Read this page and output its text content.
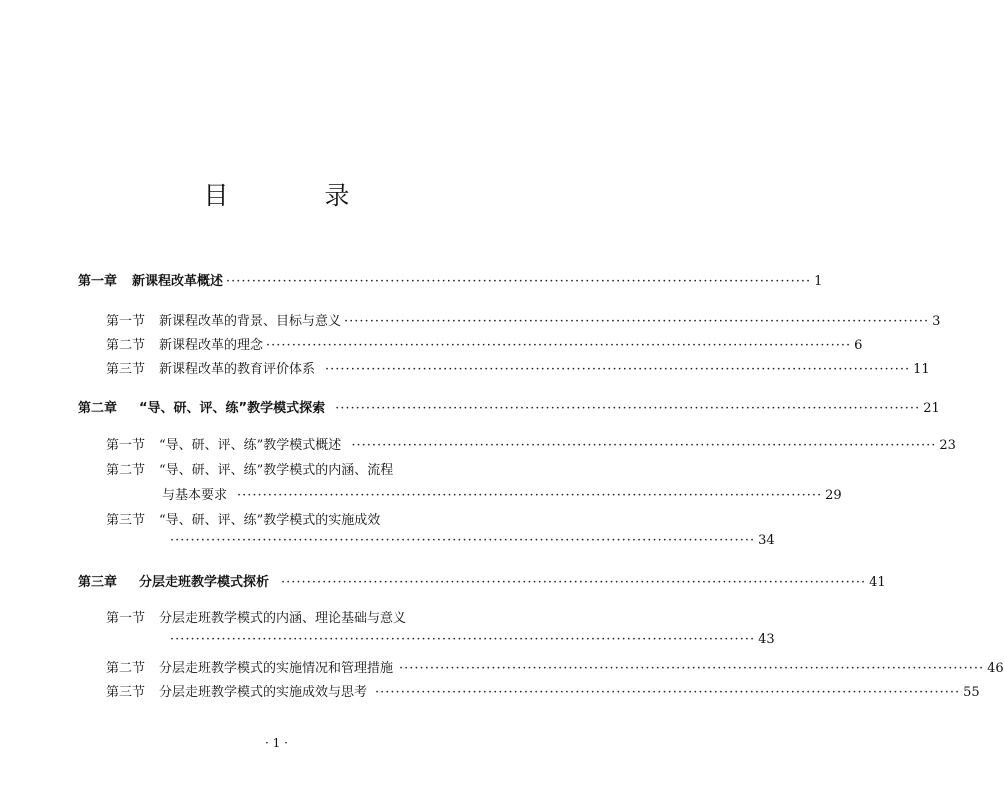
目 录
第一章 新课程改革概述 ·················································································································· 1
第一节 新课程改革的背景、目标与意义 ·················································································································· 3
第二节 新课程改革的理念 ·················································································································· 6
第三节 新课程改革的教育评价体系 ·················································································································· 11
第二章 “导、研、评、练”教学模式探索 ·················································································································· 21
第一节 “导、研、评、练”教学模式概述 ·················································································································· 23
第二节 “导、研、评、练”教学模式的内涵、流程
与基本要求 ·················································································································· 29
第三节 “导、研、评、练”教学模式的实施成效
·················································································································· 34
第三章 分层走班教学模式探析 ·················································································································· 41
第一节 分层走班教学模式的内涵、理论基础与意义
·················································································································· 43
第二节 分层走班教学模式的实施情况和管理措施 ·················································································································· 46
第三节 分层走班教学模式的实施成效与思考 ·················································································································· 55
· 1 ·
